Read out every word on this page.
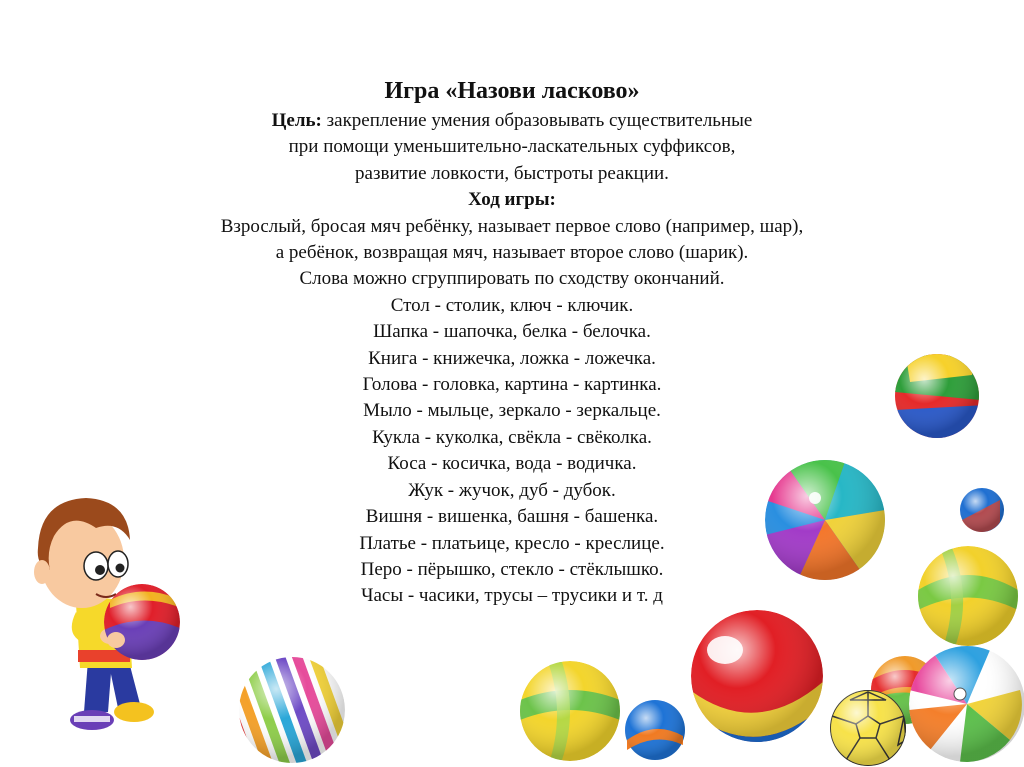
Игра «Назови ласково»
Цель: закрепление умения образовывать существительные
при помощи уменьшительно-ласкательных суффиксов,
развитие ловкости, быстроты реакции.
Ход игры:
Взрослый, бросая мяч ребёнку, называет первое слово (например, шар),
а ребёнок, возвращая мяч, называет второе слово (шарик).
Слова можно сгруппировать по сходству окончаний.
Стол - столик, ключ - ключик.
Шапка - шапочка, белка - белочка.
Книга - книжечка, ложка - ложечка.
Голова - головка, картина - картинка.
Мыло - мыльце, зеркало - зеркальце.
Кукла - куколка, свёкла - свёколка.
Коса - косичка, вода - водичка.
Жук - жучок, дуб - дубок.
Вишня - вишенка, башня - башенка.
Платье - платьице, кресло - креслице.
Перо - пёрышко, стекло - стёклышко.
Часы - часики, трусы – трусики и т. д
